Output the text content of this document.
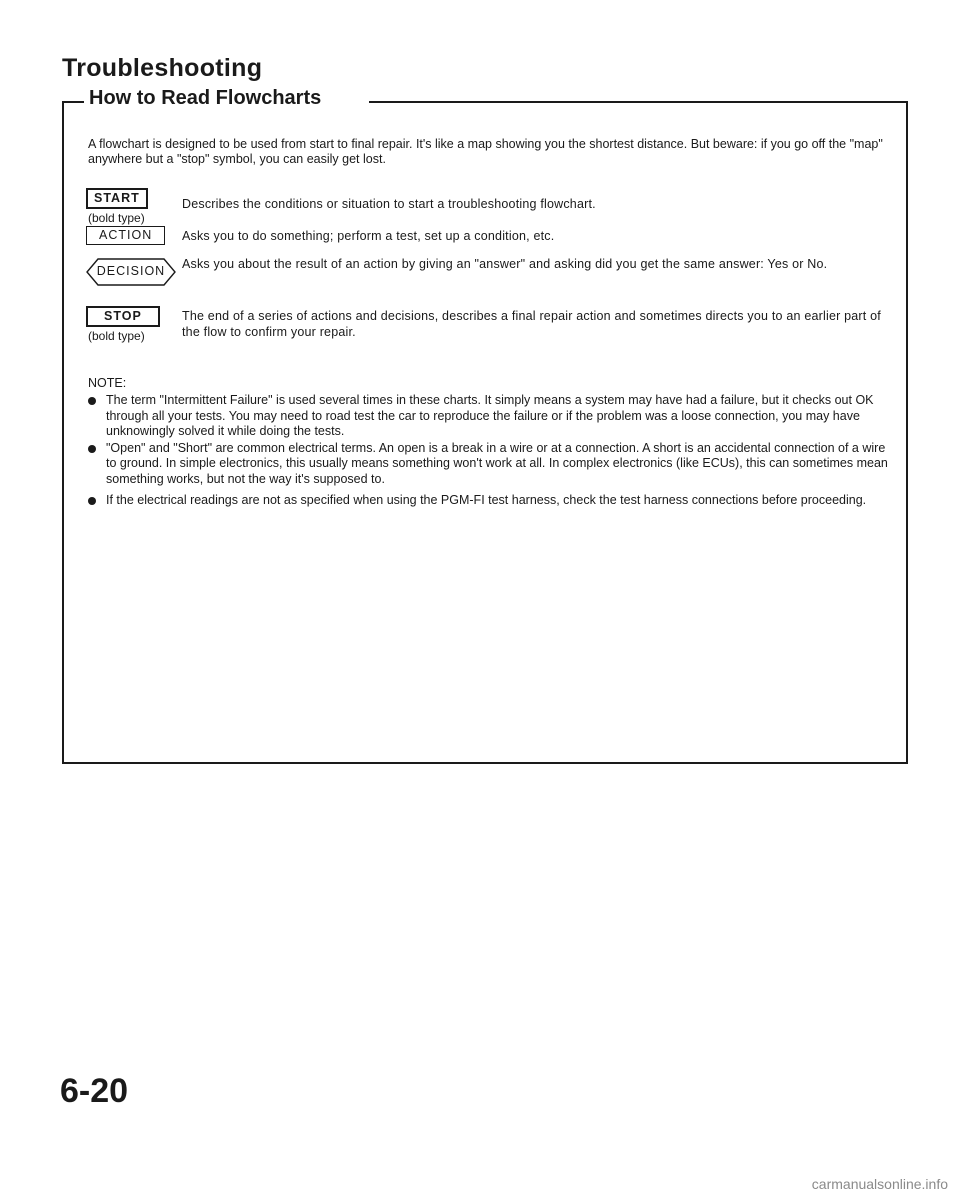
Troubleshooting
How to Read Flowcharts
A flowchart is designed to be used from start to final repair. It's like a map showing you the shortest distance. But beware: if you go off the "map" anywhere but a "stop" symbol, you can easily get lost.
START
(bold type)
Describes the conditions or situation to start a troubleshooting flowchart.
ACTION	Asks you to do something; perform a test, set up a condition, etc.
DECISION	Asks you about the result of an action by giving an "answer" and asking did you get the same answer: Yes or No.
STOP
(bold type)
The end of a series of actions and decisions, describes a final repair action and sometimes directs you to an earlier part of the flow to confirm your repair.
NOTE:
The term "Intermittent Failure" is used several times in these charts. It simply means a system may have had a failure, but it checks out OK through all your tests. You may need to road test the car to reproduce the failure or if the problem was a loose connection, you may have unknowingly solved it while doing the tests.
"Open" and "Short" are common electrical terms. An open is a break in a wire or at a connection. A short is an accidental connection of a wire to ground. In simple electronics, this usually means something won't work at all. In complex electronics (like ECUs), this can sometimes mean something works, but not the way it's supposed to.
If the electrical readings are not as specified when using the PGM-FI test harness, check the test harness connections before proceeding.
6-20
carmanualsonline.info
